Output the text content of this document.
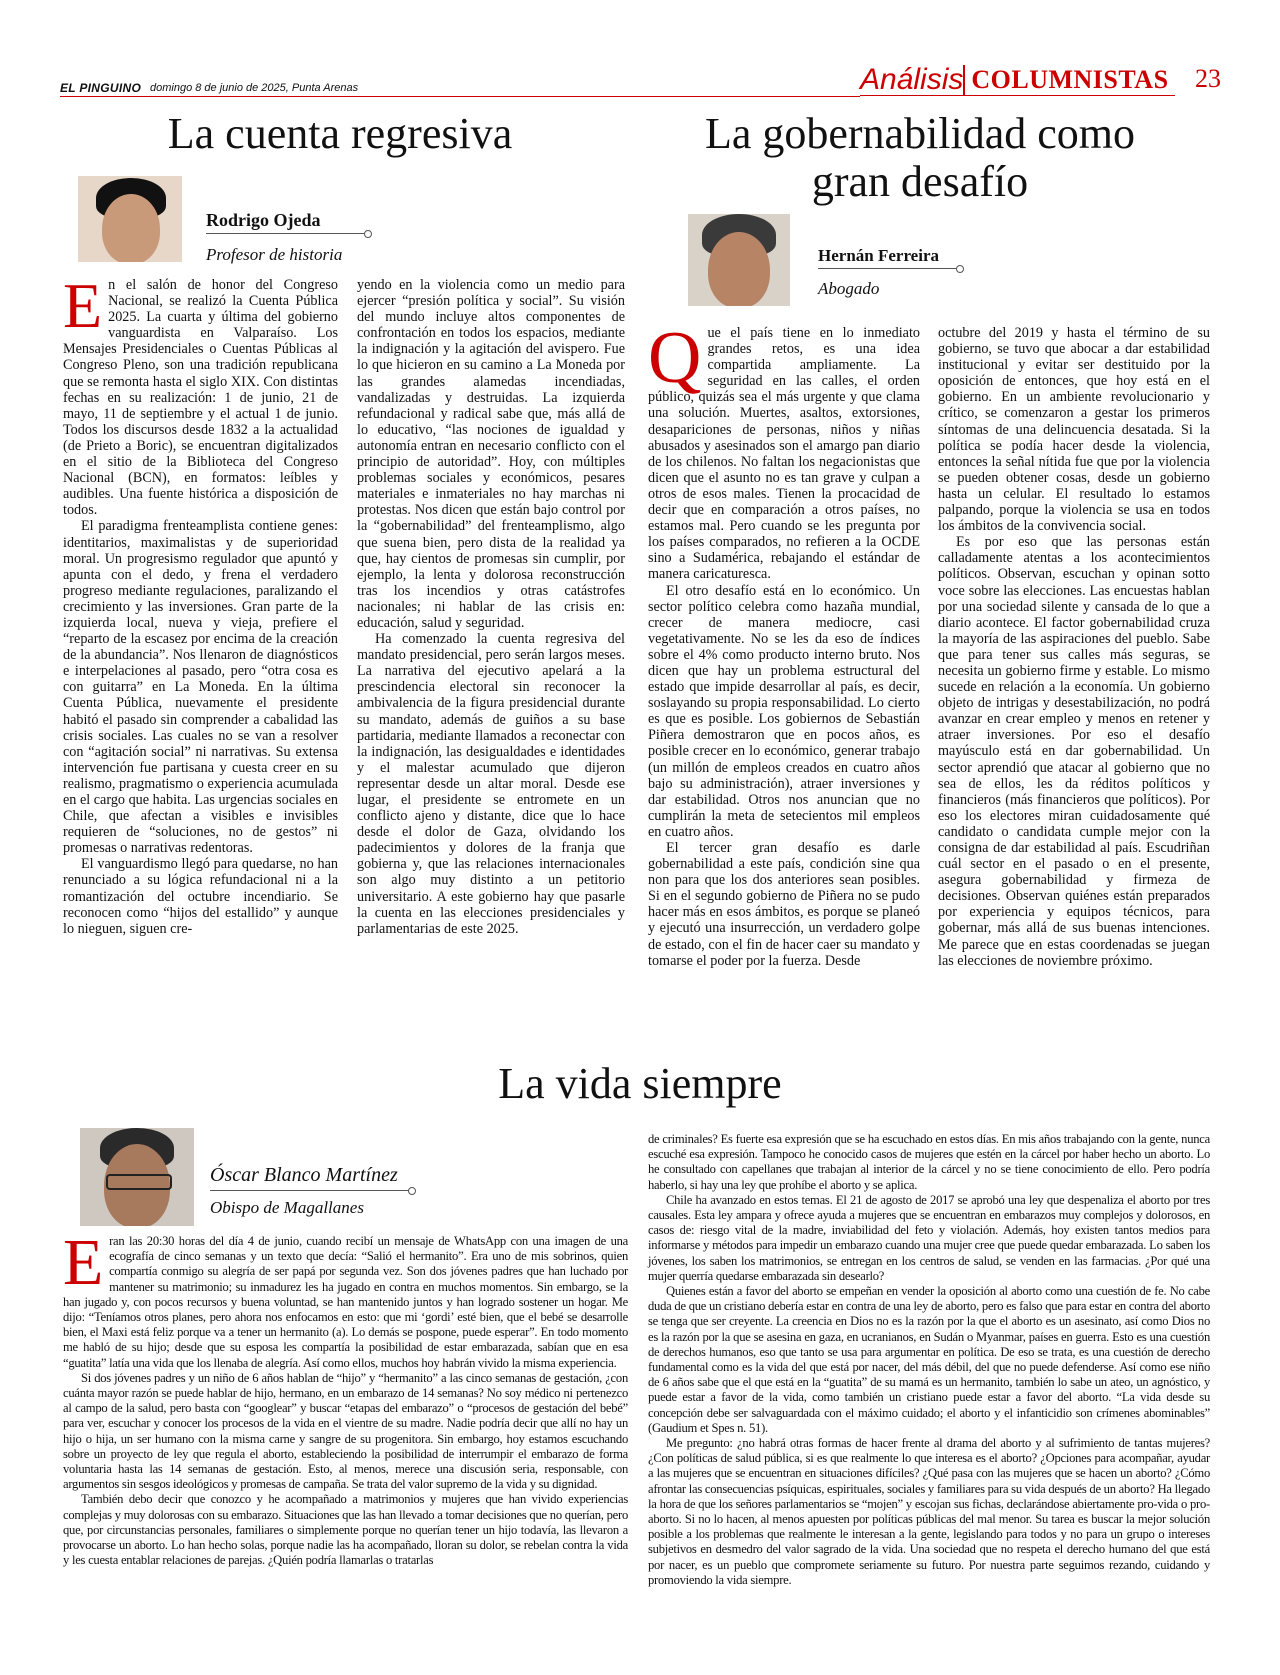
EL PINGUINO domingo 8 de junio de 2025, Punta Arenas	Análisis COLUMNISTAS 23
La cuenta regresiva
Rodrigo Ojeda
Profesor de historia
E n el salón de honor del Congreso Nacional, se realizó la Cuenta Pública 2025. La cuarta y última del gobierno vanguardista en Valparaíso. Los Mensajes Presidenciales o Cuentas Públicas al Congreso Pleno, son una tradición republicana que se remonta hasta el siglo XIX. Con distintas fechas en su realización: 1 de junio, 21 de mayo, 11 de septiembre y el actual 1 de junio. Todos los discursos desde 1832 a la actualidad (de Prieto a Boric), se encuentran digitalizados en el sitio de la Biblioteca del Congreso Nacional (BCN), en formatos: leíbles y audibles. Una fuente histórica a disposición de todos.

El paradigma frenteamplista contiene genes: identitarios, maximalistas y de superioridad moral. Un progresismo regulador que apuntó y apunta con el dedo, y frena el verdadero progreso mediante regulaciones, paralizando el crecimiento y las inversiones. Gran parte de la izquierda local, nueva y vieja, prefiere el “reparto de la escasez por encima de la creación de la abundancia”. Nos llenaron de diagnósticos e interpelaciones al pasado, pero “otra cosa es con guitarra” en La Moneda. En la última Cuenta Pública, nuevamente el presidente habitó el pasado sin comprender a cabalidad las crisis sociales. Las cuales no se van a resolver con “agitación social” ni narrativas. Su extensa intervención fue partisana y cuesta creer en su realismo, pragmatismo o experiencia acumulada en el cargo que habita. Las urgencias sociales en Chile, que afectan a visibles e invisibles requieren de “soluciones, no de gestos” ni promesas o narrativas redentoras.

El vanguardismo llegó para quedarse, no han renunciado a su lógica refundacional ni a la romantización del octubre incendiario. Se reconocen como “hijos del estallido” y aunque lo nieguen, siguen cre-

yendo en la violencia como un medio para ejercer “presión política y social”. Su visión del mundo incluye altos componentes de confrontación en todos los espacios, mediante la indignación y la agitación del avispero. Fue lo que hicieron en su camino a La Moneda por las grandes alamedas incendiadas, vandalizadas y destruidas. La izquierda refundacional y radical sabe que, más allá de lo educativo, “las nociones de igualdad y autonomía entran en necesario conflicto con el principio de autoridad”. Hoy, con múltiples problemas sociales y económicos, pesares materiales e inmateriales no hay marchas ni protestas. Nos dicen que están bajo control por la “gobernabilidad” del frenteamplismo, algo que suena bien, pero dista de la realidad ya que, hay cientos de promesas sin cumplir, por ejemplo, la lenta y dolorosa reconstrucción tras los incendios y otras catástrofes nacionales; ni hablar de las crisis en: educación, salud y seguridad.

Ha comenzado la cuenta regresiva del mandato presidencial, pero serán largos meses. La narrativa del ejecutivo apelará a la prescindencia electoral sin reconocer la ambivalencia de la figura presidencial durante su mandato, además de guiños a su base partidaria, mediante llamados a reconectar con la indignación, las desigualdades e identidades y el malestar acumulado que dijeron representar desde un altar moral. Desde ese lugar, el presidente se entromete en un conflicto ajeno y distante, dice que lo hace desde el dolor de Gaza, olvidando los padecimientos y dolores de la franja que gobierna y, que las relaciones internacionales son algo muy distinto a un petitorio universitario. A este gobierno hay que pasarle la cuenta en las elecciones presidenciales y parlamentarias de este 2025.

La gobernabilidad como
gran desafío
Hernán Ferreira
Abogado
Q ue el país tiene en lo inmediato grandes retos, es una idea compartida ampliamente. La seguridad en las calles, el orden público, quizás sea el más urgente y que clama una solución. Muertes, asaltos, extorsiones, desapariciones de personas, niños y niñas abusados y asesinados son el amargo pan diario de los chilenos. No faltan los negacionistas que dicen que el asunto no es tan grave y culpan a otros de esos males. Tienen la procacidad de decir que en comparación a otros países, no estamos mal. Pero cuando se les pregunta por los países comparados, no refieren a la OCDE sino a Sudamérica, rebajando el estándar de manera caricaturesca.

El otro desafío está en lo económico. Un sector político celebra como hazaña mundial, crecer de manera mediocre, casi vegetativamente. No se les da eso de índices sobre el 4% como producto interno bruto. Nos dicen que hay un problema estructural del estado que impide desarrollar al país, es decir, soslayando su propia responsabilidad. Lo cierto es que es posible. Los gobiernos de Sebastián Piñera demostraron que en pocos años, es posible crecer en lo económico, generar trabajo (un millón de empleos creados en cuatro años bajo su administración), atraer inversiones y dar estabilidad. Otros nos anuncian que no cumplirán la meta de setecientos mil empleos en cuatro años.

El tercer gran desafío es darle gobernabilidad a este país, condición sine qua non para que los dos anteriores sean posibles. Si en el segundo gobierno de Piñera no se pudo hacer más en esos ámbitos, es porque se planeó y ejecutó una insurrección, un verdadero golpe de estado, con el fin de hacer caer su mandato y tomarse el poder por la fuerza. Desde

octubre del 2019 y hasta el término de su gobierno, se tuvo que abocar a dar estabilidad institucional y evitar ser destituido por la oposición de entonces, que hoy está en el gobierno. En un ambiente revolucionario y crítico, se comenzaron a gestar los primeros síntomas de una delincuencia desatada. Si la política se podía hacer desde la violencia, entonces la señal nítida fue que por la violencia se pueden obtener cosas, desde un gobierno hasta un celular. El resultado lo estamos palpando, porque la violencia se usa en todos los ámbitos de la convivencia social.

Es por eso que las personas están calladamente atentas a los acontecimientos políticos. Observan, escuchan y opinan sotto voce sobre las elecciones. Las encuestas hablan por una sociedad silente y cansada de lo que a diario acontece. El factor gobernabilidad cruza la mayoría de las aspiraciones del pueblo. Sabe que para tener sus calles más seguras, se necesita un gobierno firme y estable. Lo mismo sucede en relación a la economía. Un gobierno objeto de intrigas y desestabilización, no podrá avanzar en crear empleo y menos en retener y atraer inversiones. Por eso el desafío mayúsculo está en dar gobernabilidad. Un sector aprendió que atacar al gobierno que no sea de ellos, les da réditos políticos y financieros (más financieros que políticos). Por eso los electores miran cuidadosamente qué candidato o candidata cumple mejor con la consigna de dar estabilidad al país. Escudriñan cuál sector en el pasado o en el presente, asegura gobernabilidad y firmeza de decisiones. Observan quiénes están preparados por experiencia y equipos técnicos, para gobernar, más allá de sus buenas intenciones. Me parece que en estas coordenadas se juegan las elecciones de noviembre próximo.

La vida siempre
Óscar Blanco Martínez
Obispo de Magallanes
E ran las 20:30 horas del día 4 de junio, cuando recibí un mensaje de WhatsApp con una imagen de una ecografía de cinco semanas y un texto que decía: “Salió el hermanito”. Era uno de mis sobrinos, quien compartía conmigo su alegría de ser papá por segunda vez. Son dos jóvenes padres que han luchado por mantener su matrimonio; su inmadurez les ha jugado en contra en muchos momentos. Sin embargo, se la han jugado y, con pocos recursos y buena voluntad, se han mantenido juntos y han logrado sostener un hogar. Me dijo: “Teníamos otros planes, pero ahora nos enfocamos en esto: que mi ‘gordi’ esté bien, que el bebé se desarrolle bien, el Maxi está feliz porque va a tener un hermanito (a). Lo demás se pospone, puede esperar”. En todo momento me habló de su hijo; desde que su esposa les compartía la posibilidad de estar embarazada, sabían que en esa “guatita” latía una vida que los llenaba de alegría. Así como ellos, muchos hoy habrán vivido la misma experiencia.

Si dos jóvenes padres y un niño de 6 años hablan de “hijo” y “hermanito” a las cinco semanas de gestación, ¿con cuánta mayor razón se puede hablar de hijo, hermano, en un embarazo de 14 semanas? No soy médico ni pertenezco al campo de la salud, pero basta con “googlear” y buscar “etapas del embarazo” o “procesos de gestación del bebé” para ver, escuchar y conocer los procesos de la vida en el vientre de su madre. Nadie podría decir que allí no hay un hijo o hija, un ser humano con la misma carne y sangre de su progenitora. Sin embargo, hoy estamos escuchando sobre un proyecto de ley que regula el aborto, estableciendo la posibilidad de interrumpir el embarazo de forma voluntaria hasta las 14 semanas de gestación. Esto, al menos, merece una discusión seria, responsable, con argumentos sin sesgos ideológicos y promesas de campaña. Se trata del valor supremo de la vida y su dignidad.

También debo decir que conozco y he acompañado a matrimonios y mujeres que han vivido experiencias complejas y muy dolorosas con su embarazo. Situaciones que las han llevado a tomar decisiones que no querían, pero que, por circunstancias personales, familiares o simplemente porque no querían tener un hijo todavía, las llevaron a provocarse un aborto. Lo han hecho solas, porque nadie las ha acompañado, lloran su dolor, se rebelan contra la vida y les cuesta entablar relaciones de parejas. ¿Quién podría llamarlas o tratarlas

de criminales? Es fuerte esa expresión que se ha escuchado en estos días. En mis años trabajando con la gente, nunca escuché esa expresión. Tampoco he conocido casos de mujeres que estén en la cárcel por haber hecho un aborto. Lo he consultado con capellanes que trabajan al interior de la cárcel y no se tiene conocimiento de ello. Pero podría haberlo, si hay una ley que prohíbe el aborto y se aplica.

Chile ha avanzado en estos temas. El 21 de agosto de 2017 se aprobó una ley que despenaliza el aborto por tres causales. Esta ley ampara y ofrece ayuda a mujeres que se encuentran en embarazos muy complejos y dolorosos, en casos de: riesgo vital de la madre, inviabilidad del feto y violación. Además, hoy existen tantos medios para informarse y métodos para impedir un embarazo cuando una mujer cree que puede quedar embarazada. Lo saben los jóvenes, los saben los matrimonios, se entregan en los centros de salud, se venden en las farmacias. ¿Por qué una mujer querría quedarse embarazada sin desearlo?

Quienes están a favor del aborto se empeñan en vender la oposición al aborto como una cuestión de fe. No cabe duda de que un cristiano debería estar en contra de una ley de aborto, pero es falso que para estar en contra del aborto se tenga que ser creyente. La creencia en Dios no es la razón por la que el aborto es un asesinato, así como Dios no es la razón por la que se asesina en gaza, en ucranianos, en Sudán o Myanmar, países en guerra. Esto es una cuestión de derechos humanos, eso que tanto se usa para argumentar en política. De eso se trata, es una cuestión de derecho fundamental como es la vida del que está por nacer, del más débil, del que no puede defenderse. Así como ese niño de 6 años sabe que el que está en la “guatita” de su mamá es un hermanito, también lo sabe un ateo, un agnóstico, y puede estar a favor de la vida, como también un cristiano puede estar a favor del aborto. “La vida desde su concepción debe ser salvaguardada con el máximo cuidado; el aborto y el infanticidio son crímenes abominables” (Gaudium et Spes n. 51).

Me pregunto: ¿no habrá otras formas de hacer frente al drama del aborto y al sufrimiento de tantas mujeres? ¿Con políticas de salud pública, si es que realmente lo que interesa es el aborto? ¿Opciones para acompañar, ayudar a las mujeres que se encuentran en situaciones difíciles? ¿Qué pasa con las mujeres que se hacen un aborto? ¿Cómo afrontar las consecuencias psíquicas, espirituales, sociales y familiares para su vida después de un aborto? Ha llegado la hora de que los señores parlamentarios se “mojen” y escojan sus fichas, declarándose abiertamente pro-vida o pro-aborto. Si no lo hacen, al menos apuesten por políticas públicas del mal menor. Su tarea es buscar la mejor solución posible a los problemas que realmente le interesan a la gente, legislando para todos y no para un grupo o intereses subjetivos en desmedro del valor sagrado de la vida. Una sociedad que no respeta el derecho humano del que está por nacer, es un pueblo que compromete seriamente su futuro. Por nuestra parte seguimos rezando, cuidando y promoviendo la vida siempre.
